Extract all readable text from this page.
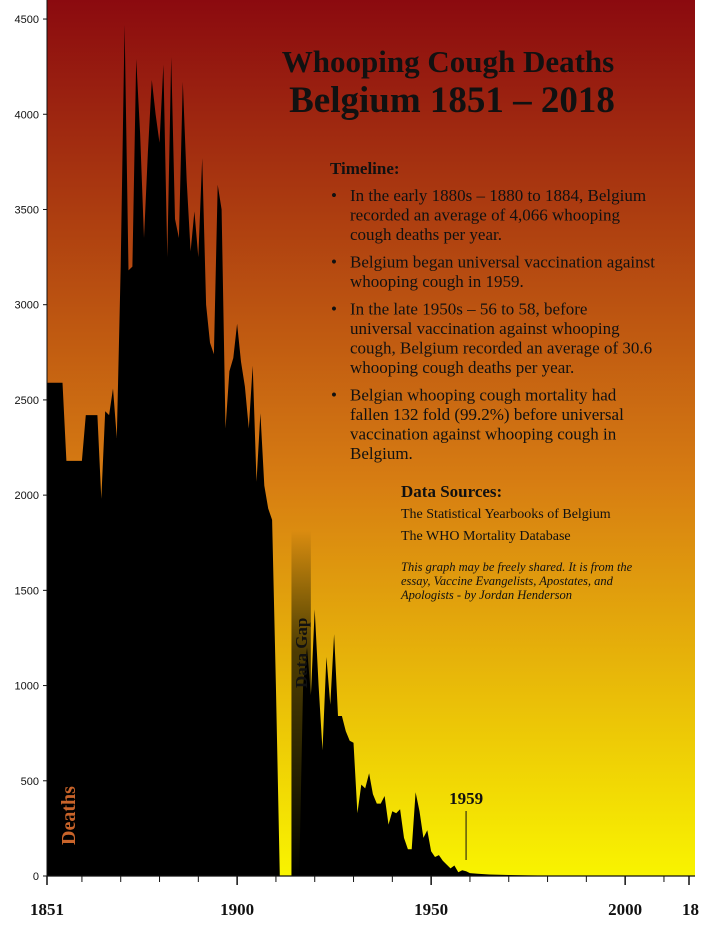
0
500
1000
1500
2000
2500
3000
3500
4000
4500
1851	1900	1950	2000 18
Deaths
Whooping Cough Deaths
Belgium 1851 – 2018
Timeline:
• In the early 1880s – 1880 to 1884, Belgium
recorded an average of 4,066 whooping
cough deaths per year.
• Belgium began universal vaccination against
whooping cough in 1959.
• In the late 1950s – 56 to 58, before
universal vaccination against whooping
cough, Belgium recorded an average of 30.6
whooping cough deaths per year.
• Belgian whooping cough mortality had
fallen 132 fold (99.2%) before universal
vaccination against whooping cough in
Belgium.
Data Sources:
The Statistical Yearbooks of Belgium
The WHO Mortality Database
This graph may be freely shared. It is from the
essay, Vaccine Evangelists, Apostates, and
Apologists - by Jordan Henderson
Data Gap
1959
